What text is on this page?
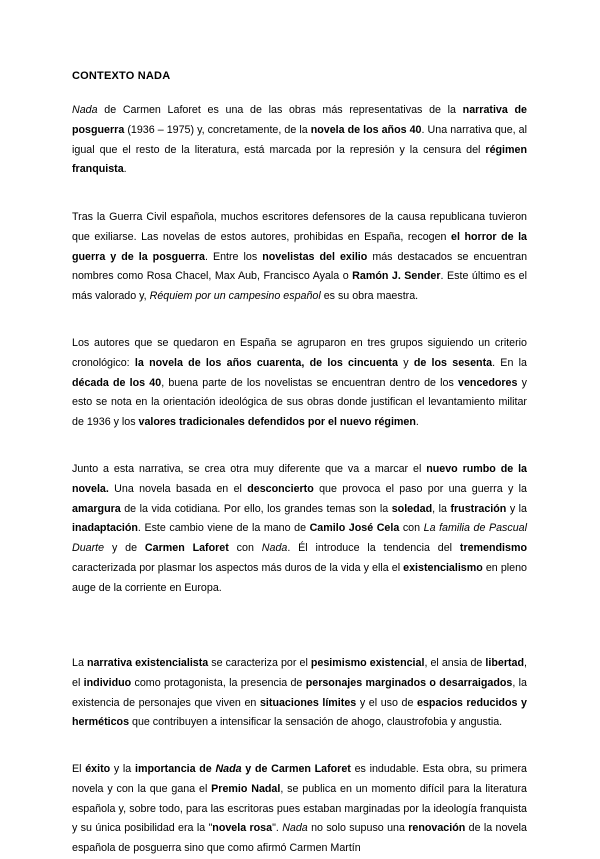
CONTEXTO NADA

Nada de Carmen Laforet es una de las obras más representativas de la narrativa de posguerra (1936 – 1975) y, concretamente, de la novela de los años 40. Una narrativa que, al igual que el resto de la literatura, está marcada por la represión y la censura del régimen franquista.

Tras la Guerra Civil española, muchos escritores defensores de la causa republicana tuvieron que exiliarse. Las novelas de estos autores, prohibidas en España, recogen el horror de la guerra y de la posguerra. Entre los novelistas del exilio más destacados se encuentran nombres como Rosa Chacel, Max Aub, Francisco Ayala o Ramón J. Sender. Este último es el más valorado y, Réquiem por un campesino español es su obra maestra.

Los autores que se quedaron en España se agruparon en tres grupos siguiendo un criterio cronológico: la novela de los años cuarenta, de los cincuenta y de los sesenta. En la década de los 40, buena parte de los novelistas se encuentran dentro de los vencedores y esto se nota en la orientación ideológica de sus obras donde justifican el levantamiento militar de 1936 y los valores tradicionales defendidos por el nuevo régimen.

Junto a esta narrativa, se crea otra muy diferente que va a marcar el nuevo rumbo de la novela. Una novela basada en el desconcierto que provoca el paso por una guerra y la amargura de la vida cotidiana. Por ello, los grandes temas son la soledad, la frustración y la inadaptación. Este cambio viene de la mano de Camilo José Cela con La familia de Pascual Duarte y de Carmen Laforet con Nada. Él introduce la tendencia del tremendismo caracterizada por plasmar los aspectos más duros de la vida y ella el existencialismo en pleno auge de la corriente en Europa.

La narrativa existencialista se caracteriza por el pesimismo existencial, el ansia de libertad, el individuo como protagonista, la presencia de personajes marginados o desarraigados, la existencia de personajes que viven en situaciones límites y el uso de espacios reducidos y herméticos que contribuyen a intensificar la sensación de ahogo, claustrofobia y angustia.

El éxito y la importancia de Nada y de Carmen Laforet es indudable. Esta obra, su primera novela y con la que gana el Premio Nadal, se publica en un momento difícil para la literatura española y, sobre todo, para las escritoras pues estaban marginadas por la ideología franquista y su única posibilidad era la "novela rosa". Nada no solo supuso una renovación de la novela española de posguerra sino que como afirmó Carmen Martín
